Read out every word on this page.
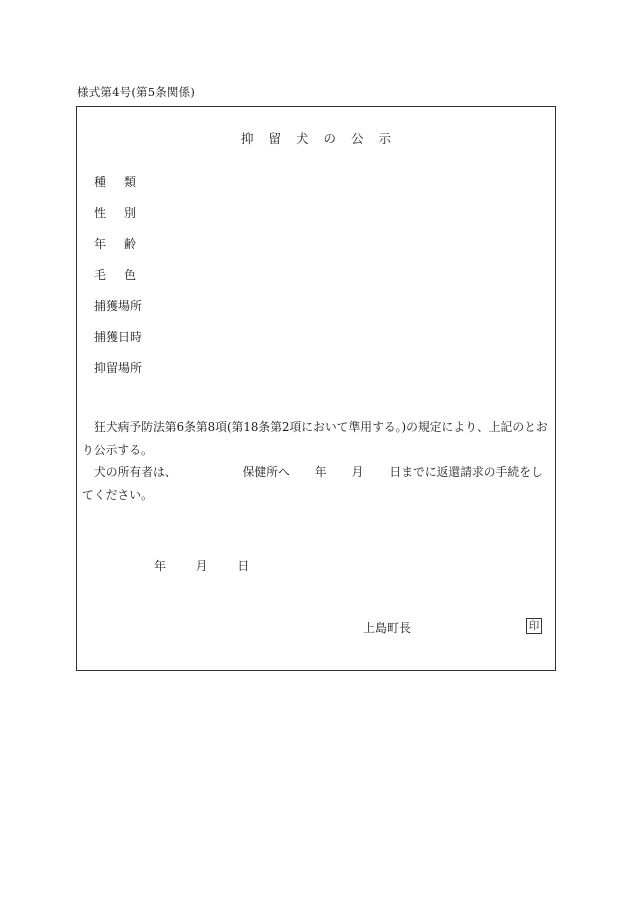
様式第4号(第5条関係)
抑留犬の公示
種類
性別
年齢
毛色
捕獲場所
捕獲日時
抑留場所

狂犬病予防法第6条第8項(第18条第2項において準用する。)の規定により、上記のとおり公示する。

犬の所有者は、	保健所へ 年 月 日までに返還請求の手続をしてください。

年 月 日
上島町長	印
